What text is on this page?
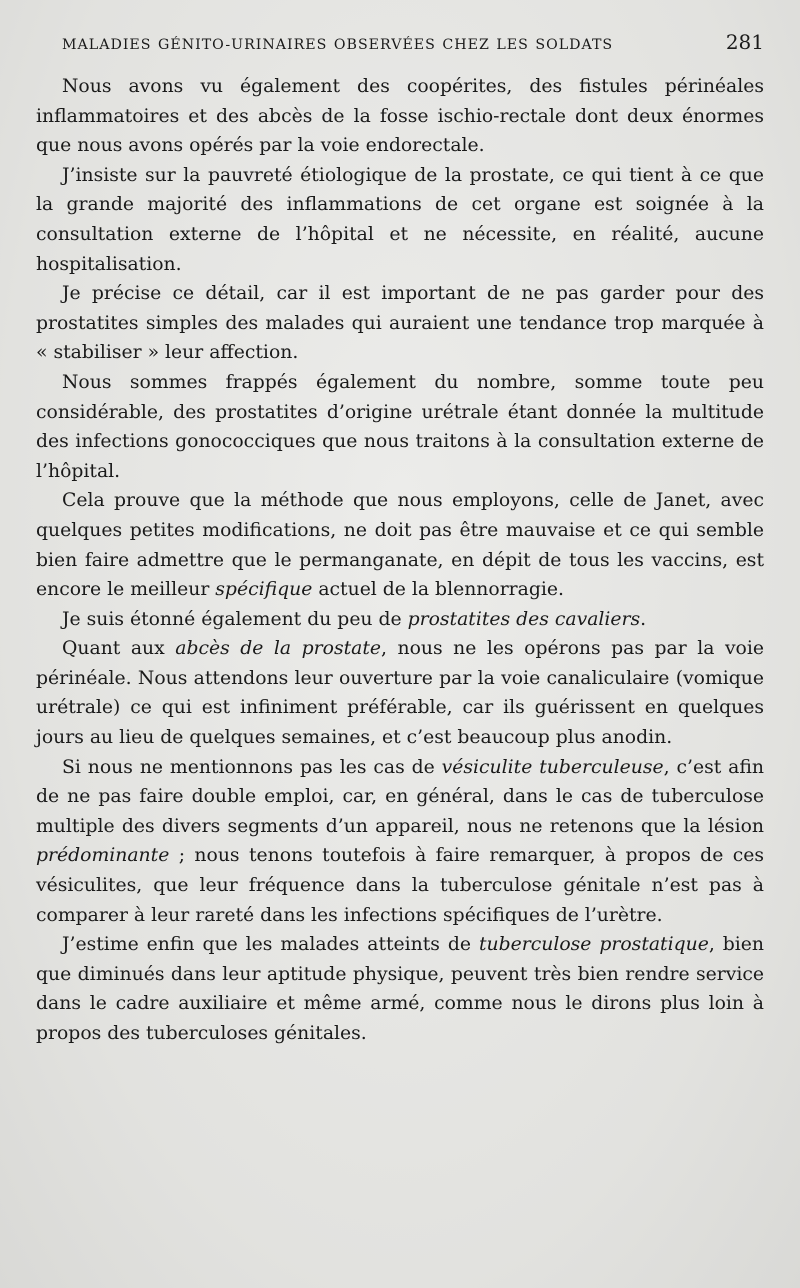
MALADIES GÉNITO-URINAIRES OBSERVÉES CHEZ LES SOLDATS	281

Nous avons vu également des coopérites, des fistules périnéales inflammatoires et des abcès de la fosse ischio-rectale dont deux énormes que nous avons opérés par la voie endorectale.

J’insiste sur la pauvreté étiologique de la prostate, ce qui tient à ce que la grande majorité des inflammations de cet organe est soignée à la consultation externe de l’hôpital et ne nécessite, en réalité, aucune hospitalisation.

Je précise ce détail, car il est important de ne pas garder pour des prostatites simples des malades qui auraient une tendance trop marquée à « stabiliser » leur affection.

Nous sommes frappés également du nombre, somme toute peu considérable, des prostatites d’origine urétrale étant donnée la multitude des infections gonococciques que nous traitons à la consultation externe de l’hôpital.

Cela prouve que la méthode que nous employons, celle de Janet, avec quelques petites modifications, ne doit pas être mauvaise et ce qui semble bien faire admettre que le permanganate, en dépit de tous les vaccins, est encore le meilleur spécifique actuel de la blennorragie.

Je suis étonné également du peu de prostatites des cavaliers.

Quant aux abcès de la prostate, nous ne les opérons pas par la voie périnéale. Nous attendons leur ouverture par la voie canaliculaire (vomique urétrale) ce qui est infiniment préférable, car ils guérissent en quelques jours au lieu de quelques semaines, et c’est beaucoup plus anodin.

Si nous ne mentionnons pas les cas de vésiculite tuberculeuse, c’est afin de ne pas faire double emploi, car, en général, dans le cas de tuberculose multiple des divers segments d’un appareil, nous ne retenons que la lésion prédominante ; nous tenons toutefois à faire remarquer, à propos de ces vésiculites, que leur fréquence dans la tuberculose génitale n’est pas à comparer à leur rareté dans les infections spécifiques de l’urètre.

J’estime enfin que les malades atteints de tuberculose prostatique, bien que diminués dans leur aptitude physique, peuvent très bien rendre service dans le cadre auxiliaire et même armé, comme nous le dirons plus loin à propos des tuberculoses génitales.
